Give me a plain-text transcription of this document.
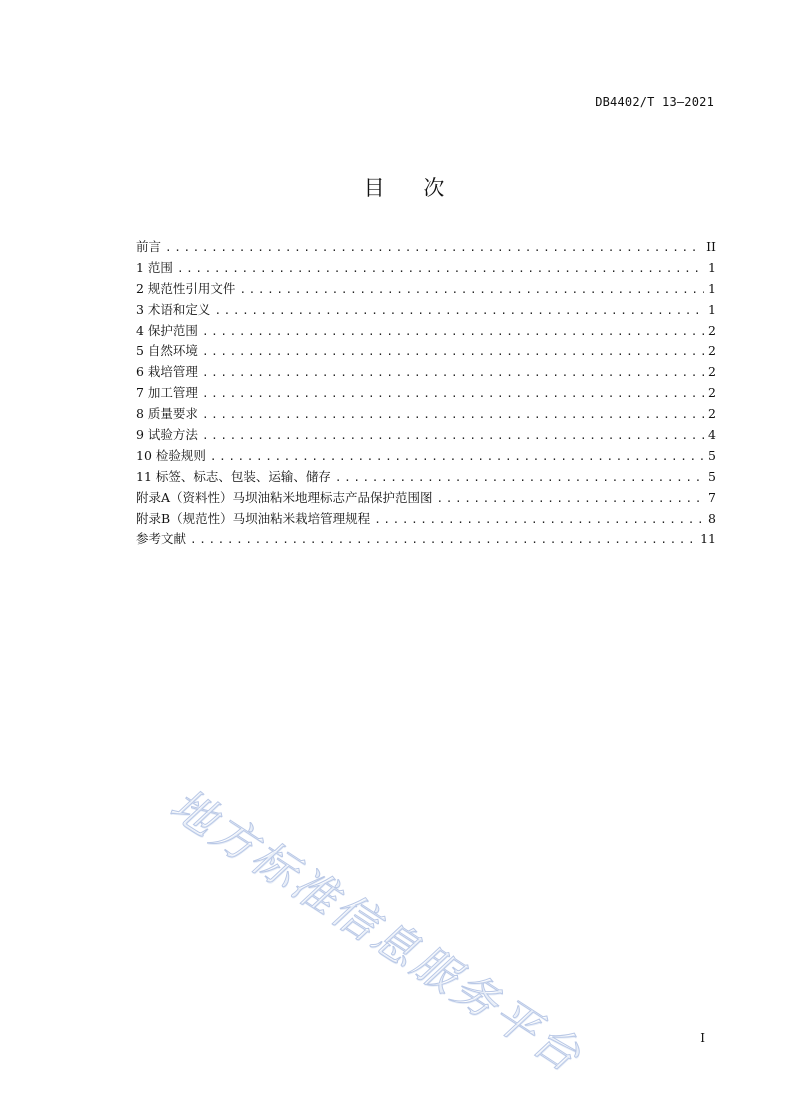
DB4402/T 13—2021
目 次
前言 .....	II
1 范围 .....	1
2 规范性引用文件 .....	1
3 术语和定义 .....	1
4 保护范围 .....	2
5 自然环境 .....	2
6 栽培管理 .....	2
7 加工管理 .....	2
8 质量要求 .....	2
9 试验方法 .....	4
10 检验规则 .....	5
11 标签、标志、包装、运输、储存 .....	5
附录A（资料性）马坝油粘米地理标志产品保护范围图 .....	7
附录B（规范性）马坝油粘米栽培管理规程 .....	8
参考文献 .....	11
地方标准信息服务平台	I
